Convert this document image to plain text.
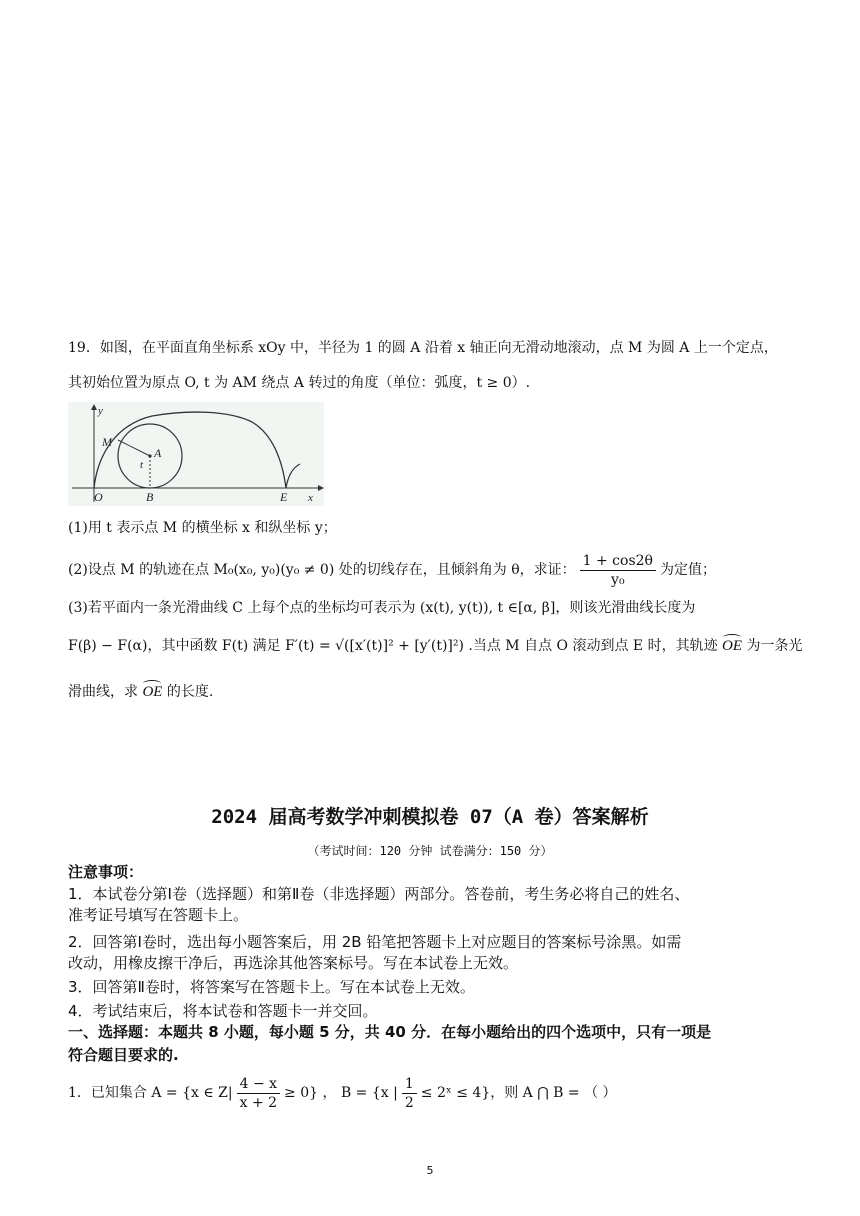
19．如图，在平面直角坐标系 xOy 中，半径为 1 的圆 A 沿着 x 轴正向无滑动地滚动，点 M 为圆 A 上一个定点，
其初始位置为原点 O, t 为 AM 绕点 A 转过的角度（单位：弧度，t ≥ 0）.
M
A
t
y
x
O	B	E
(1)用 t 表示点 M 的横坐标 x 和纵坐标 y；
(2)设点 M 的轨迹在点 M₀(x₀, y₀)(y₀ ≠ 0) 处的切线存在，且倾斜角为 θ，求证： $\frac{1 + \cos 2\theta}{\text{y₀}}$ 为定值；
(3)若平面内一条光滑曲线 C 上每个点的坐标均可表示为 (x(t), y(t)), t ∈[α, β]，则该光滑曲线长度为
F(β) − F(α)，其中函数 F(t) 满足 F′(t) = √([x′(t)]² + [y′(t)]²) .当点 M 自点 O 滚动到点 E 时，其轨迹 OE 为一条光
滑曲线，求 OE 的长度.
2024 届高考数学冲刺模拟卷 07（A 卷）答案解析
（考试时间：120 分钟 试卷满分：150 分）
注意事项：
1．本试卷分第Ⅰ卷（选择题）和第Ⅱ卷（非选择题）两部分。答卷前，考生务必将自己的姓名、
准考证号填写在答题卡上。
2．回答第Ⅰ卷时，选出每小题答案后，用 2B 铅笔把答题卡上对应题目的答案标号涂黑。如需
改动，用橡皮擦干净后，再选涂其他答案标号。写在本试卷上无效。
3．回答第Ⅱ卷时，将答案写在答题卡上。写在本试卷上无效。
4．考试结束后，将本试卷和答题卡一并交回。
一、选择题：本题共 8 小题，每小题 5 分，共 40 分．在每小题给出的四个选项中，只有一项是
符合题目要求的.
1．已知集合 A = {x ∈ $Z| \frac{4 - x}{x + 2} \ge 0$} ， B = {x | $\frac{1}{2}$ ≤ 2ˣ ≤ 4}，则 A ⋂ B = （ ）
5
